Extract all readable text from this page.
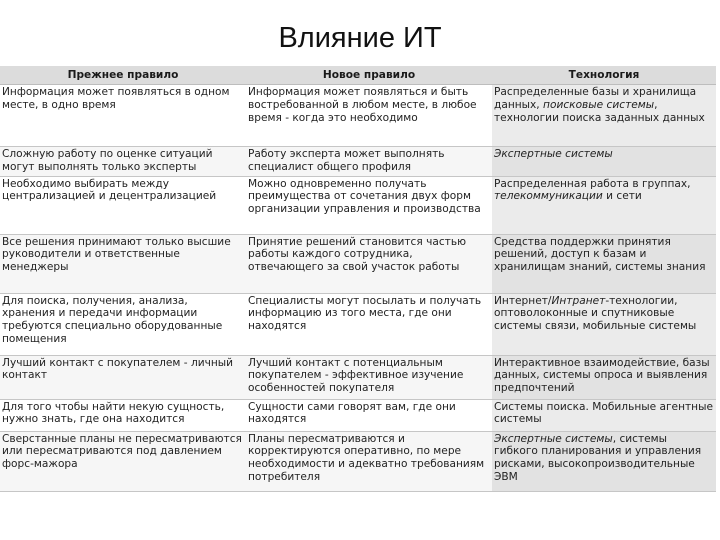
Влияние ИТ
Прежнее правило	Новое правило	Технология
Информация может появляться в одном месте, в одно время	Информация может появляться и быть востребованной в любом месте, в любое время - когда это необходимо	Распределенные базы и хранилища данных, поисковые системы, технологии поиска заданных данных
Сложную работу по оценке ситуаций могут выполнять только эксперты	Работу эксперта может выполнять специалист общего профиля	Экспертные системы
Необходимо выбирать между централизацией и децентрализацией	Можно одновременно получать преимущества от сочетания двух форм организации управления и производства	Распределенная работа в группах, телекоммуникации и сети
Все решения принимают только высшие руководители и ответственные менеджеры	Принятие решений становится частью работы каждого сотрудника, отвечающего за свой участок работы	Средства поддержки принятия решений, доступ к базам и хранилищам знаний, системы знания
Для поиска, получения, анализа, хранения и передачи информации требуются специально оборудованные помещения	Специалисты могут посылать и получать информацию из того места, где они находятся	Интернет/Интранет-технологии, оптоволоконные и спутниковые системы связи, мобильные системы
Лучший контакт с покупателем - личный контакт	Лучший контакт с потенциальным покупателем - эффективное изучение особенностей покупателя	Интерактивное взаимодействие, базы данных, системы опроса и выявления предпочтений
Для того чтобы найти некую сущность, нужно знать, где она находится	Сущности сами говорят вам, где они находятся	Системы поиска. Мобильные агентные системы
Сверстанные планы не пересматриваются или пересматриваются под давлением форс-мажора	Планы пересматриваются и корректируются оперативно, по мере необходимости и адекватно требованиям потребителя	Экспертные системы, системы гибкого планирования и управления рисками, высокопроизводительные ЭВМ
